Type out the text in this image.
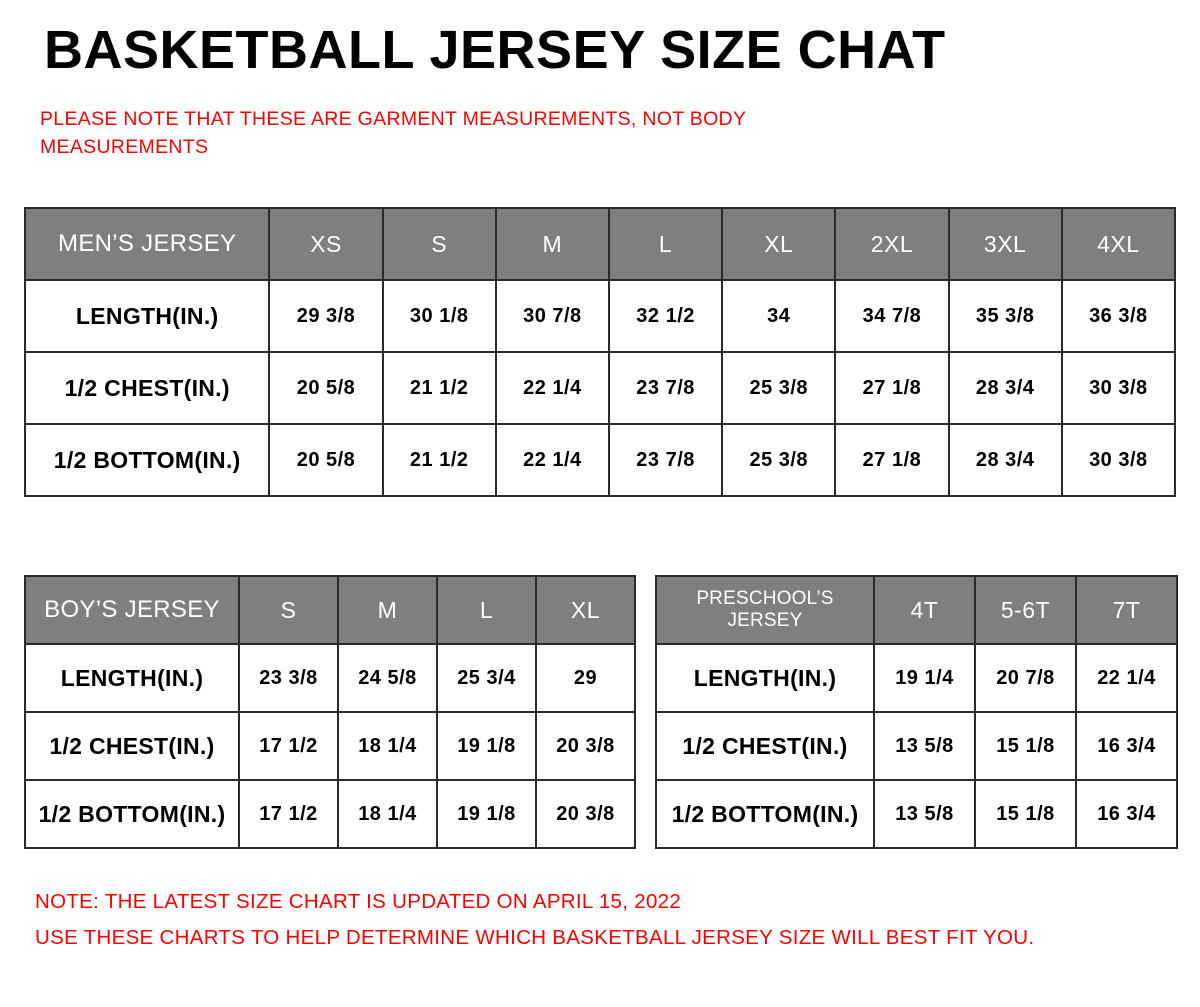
BASKETBALL JERSEY SIZE CHAT
PLEASE NOTE THAT THESE ARE GARMENT MEASUREMENTS, NOT BODY MEASUREMENTS
MEN’S JERSEY	XS	S	M	L	XL	2XL	3XL	4XL
LENGTH(IN.)	29 3/8	30 1/8	30 7/8	32 1/2	34	34 7/8	35 3/8	36 3/8
1/2 CHEST(IN.)	20 5/8	21 1/2	22 1/4	23 7/8	25 3/8	27 1/8	28 3/4	30 3/8
1/2 BOTTOM(IN.)	20 5/8	21 1/2	22 1/4	23 7/8	25 3/8	27 1/8	28 3/4	30 3/8
BOY’S JERSEY	S	M	L	XL
LENGTH(IN.)	23 3/8	24 5/8	25 3/4	29
1/2 CHEST(IN.)	17 1/2	18 1/4	19 1/8	20 3/8
1/2 BOTTOM(IN.)	17 1/2	18 1/4	19 1/8	20 3/8
PRESCHOOL’S JERSEY	4T	5-6T	7T
LENGTH(IN.)	19 1/4	20 7/8	22 1/4
1/2 CHEST(IN.)	13 5/8	15 1/8	16 3/4
1/2 BOTTOM(IN.)	13 5/8	15 1/8	16 3/4
NOTE: THE LATEST SIZE CHART IS UPDATED ON APRIL 15, 2022
USE THESE CHARTS TO HELP DETERMINE WHICH BASKETBALL JERSEY SIZE WILL BEST FIT YOU.
